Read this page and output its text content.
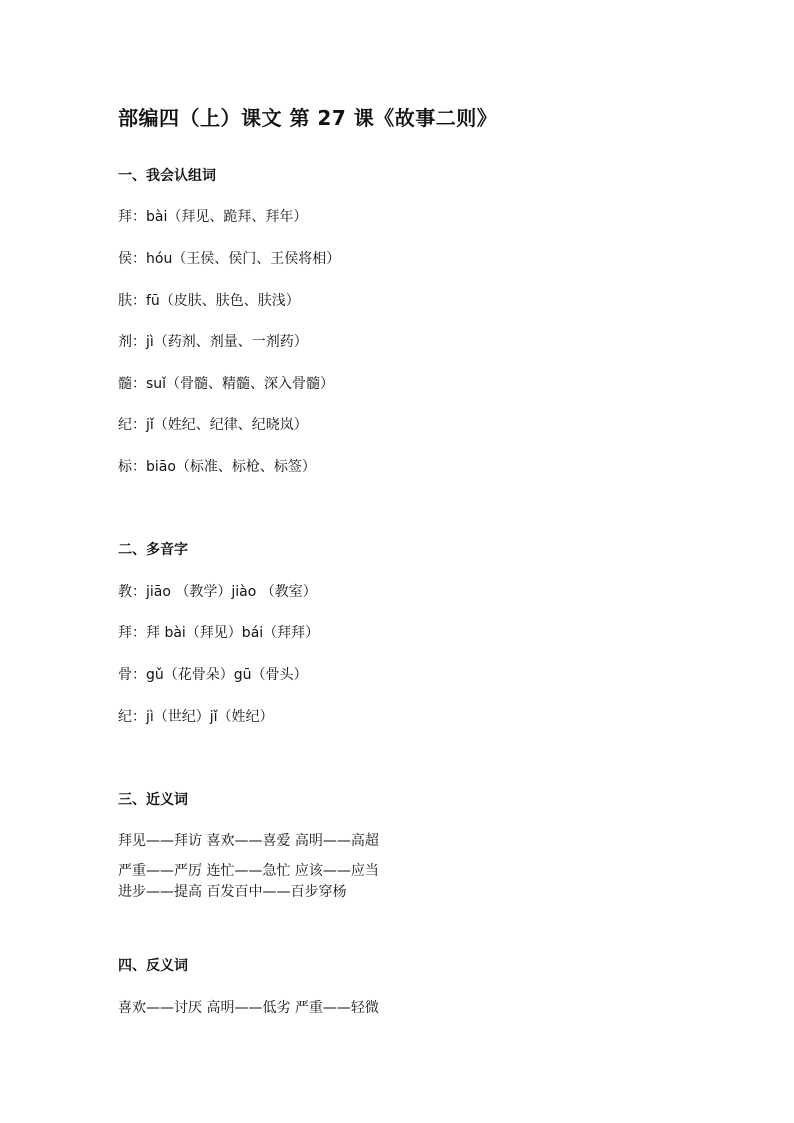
部编四（上）课文 第 27 课《故事二则》
一、我会认组词
拜：bài（拜见、跪拜、拜年）
侯：hóu（王侯、侯门、王侯将相）
肤：fū（皮肤、肤色、肤浅）
剂：jì（药剂、剂量、一剂药）
髓：suǐ（骨髓、精髓、深入骨髓）
纪：jǐ（姓纪、纪律、纪晓岚）
标：biāo（标准、标枪、标签）
二、多音字
教：jiāo （教学）jiào （教室）
拜：拜 bài（拜见）bái（拜拜）
骨：gǔ（花骨朵）gū（骨头）
纪：jì（世纪）jǐ（姓纪）
三、近义词
拜见——拜访 喜欢——喜爱 高明——高超
严重——严厉 连忙——急忙 应该——应当
进步——提高 百发百中——百步穿杨
四、反义词
喜欢——讨厌 高明——低劣 严重——轻微
